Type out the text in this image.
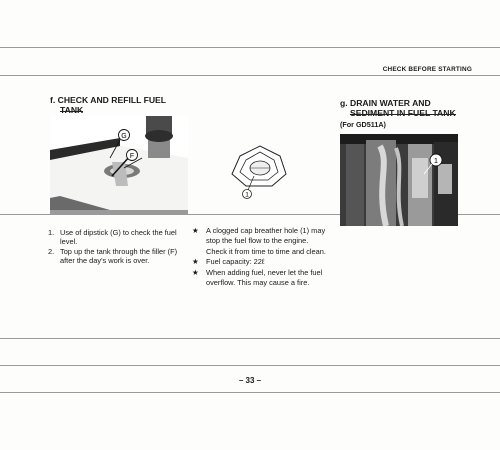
CHECK BEFORE STARTING
f. CHECK AND REFILL FUEL
TANK
G
F
1
g. DRAIN WATER AND
SEDIMENT IN FUEL TANK
(For GD511A)
1
1. Use of dipstick (G) to check the fuel level.
2. Top up the tank through the filler (F) after the day's work is over.
★ A clogged cap breather hole (1) may stop the fuel flow to the engine.
Check it from time to time and clean.
★ Fuel capacity: 22ℓ
★ When adding fuel, never let the fuel overflow. This may cause a fire.
– 33 –
